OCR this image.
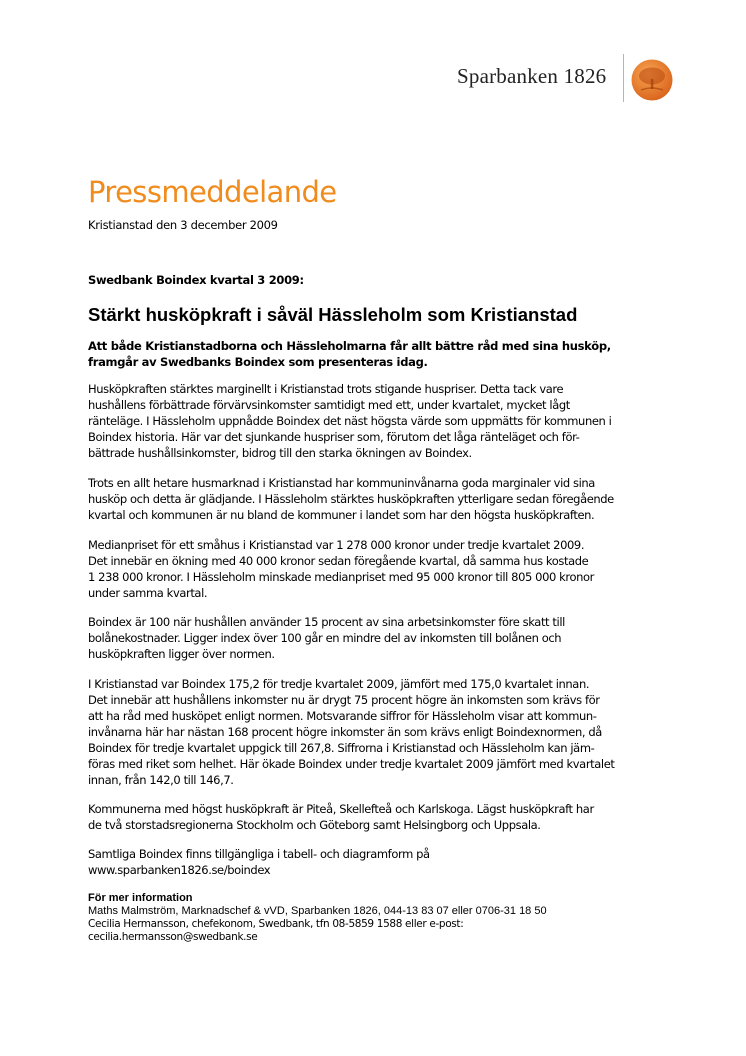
Sparbanken 1826
Pressmeddelande
Kristianstad den 3 december 2009
Swedbank Boindex kvartal 3 2009:
Stärkt husköpkraft i såväl Hässleholm som Kristianstad
Att både Kristianstadborna och Hässleholmarna får allt bättre råd med sina husköp,
framgår av Swedbanks Boindex som presenteras idag.
Husköpkraften stärktes marginellt i Kristianstad trots stigande huspriser. Detta tack vare
hushållens förbättrade förvärvsinkomster samtidigt med ett, under kvartalet, mycket lågt
ränteläge. I Hässleholm uppnådde Boindex det näst högsta värde som uppmätts för kommunen i
Boindex historia. Här var det sjunkande huspriser som, förutom det låga ränteläget och för-
bättrade hushållsinkomster, bidrog till den starka ökningen av Boindex.
Trots en allt hetare husmarknad i Kristianstad har kommuninvånarna goda marginaler vid sina
husköp och detta är glädjande. I Hässleholm stärktes husköpkraften ytterligare sedan föregående
kvartal och kommunen är nu bland de kommuner i landet som har den högsta husköpkraften.
Medianpriset för ett småhus i Kristianstad var 1 278 000 kronor under tredje kvartalet 2009.
Det innebär en ökning med 40 000 kronor sedan föregående kvartal, då samma hus kostade
1 238 000 kronor. I Hässleholm minskade medianpriset med 95 000 kronor till 805 000 kronor
under samma kvartal.
Boindex är 100 när hushållen använder 15 procent av sina arbetsinkomster före skatt till
bolånekostnader. Ligger index över 100 går en mindre del av inkomsten till bolånen och
husköpkraften ligger över normen.
I Kristianstad var Boindex 175,2 för tredje kvartalet 2009, jämfört med 175,0 kvartalet innan.
Det innebär att hushållens inkomster nu är drygt 75 procent högre än inkomsten som krävs för
att ha råd med husköpet enligt normen. Motsvarande siffror för Hässleholm visar att kommun-
invånarna här har nästan 168 procent högre inkomster än som krävs enligt Boindexnormen, då
Boindex för tredje kvartalet uppgick till 267,8. Siffrorna i Kristianstad och Hässleholm kan jäm-
föras med riket som helhet. Här ökade Boindex under tredje kvartalet 2009 jämfört med kvartalet
innan, från 142,0 till 146,7.
Kommunerna med högst husköpkraft är Piteå, Skellefteå och Karlskoga. Lägst husköpkraft har
de två storstadsregionerna Stockholm och Göteborg samt Helsingborg och Uppsala.
Samtliga Boindex finns tillgängliga i tabell- och diagramform på
www.sparbanken1826.se/boindex
För mer information
Maths Malmström, Marknadschef & vVD, Sparbanken 1826, 044-13 83 07 eller 0706-31 18 50
Cecilia Hermansson, chefekonom, Swedbank, tfn 08-5859 1588 eller e-post:
cecilia.hermansson@swedbank.se
